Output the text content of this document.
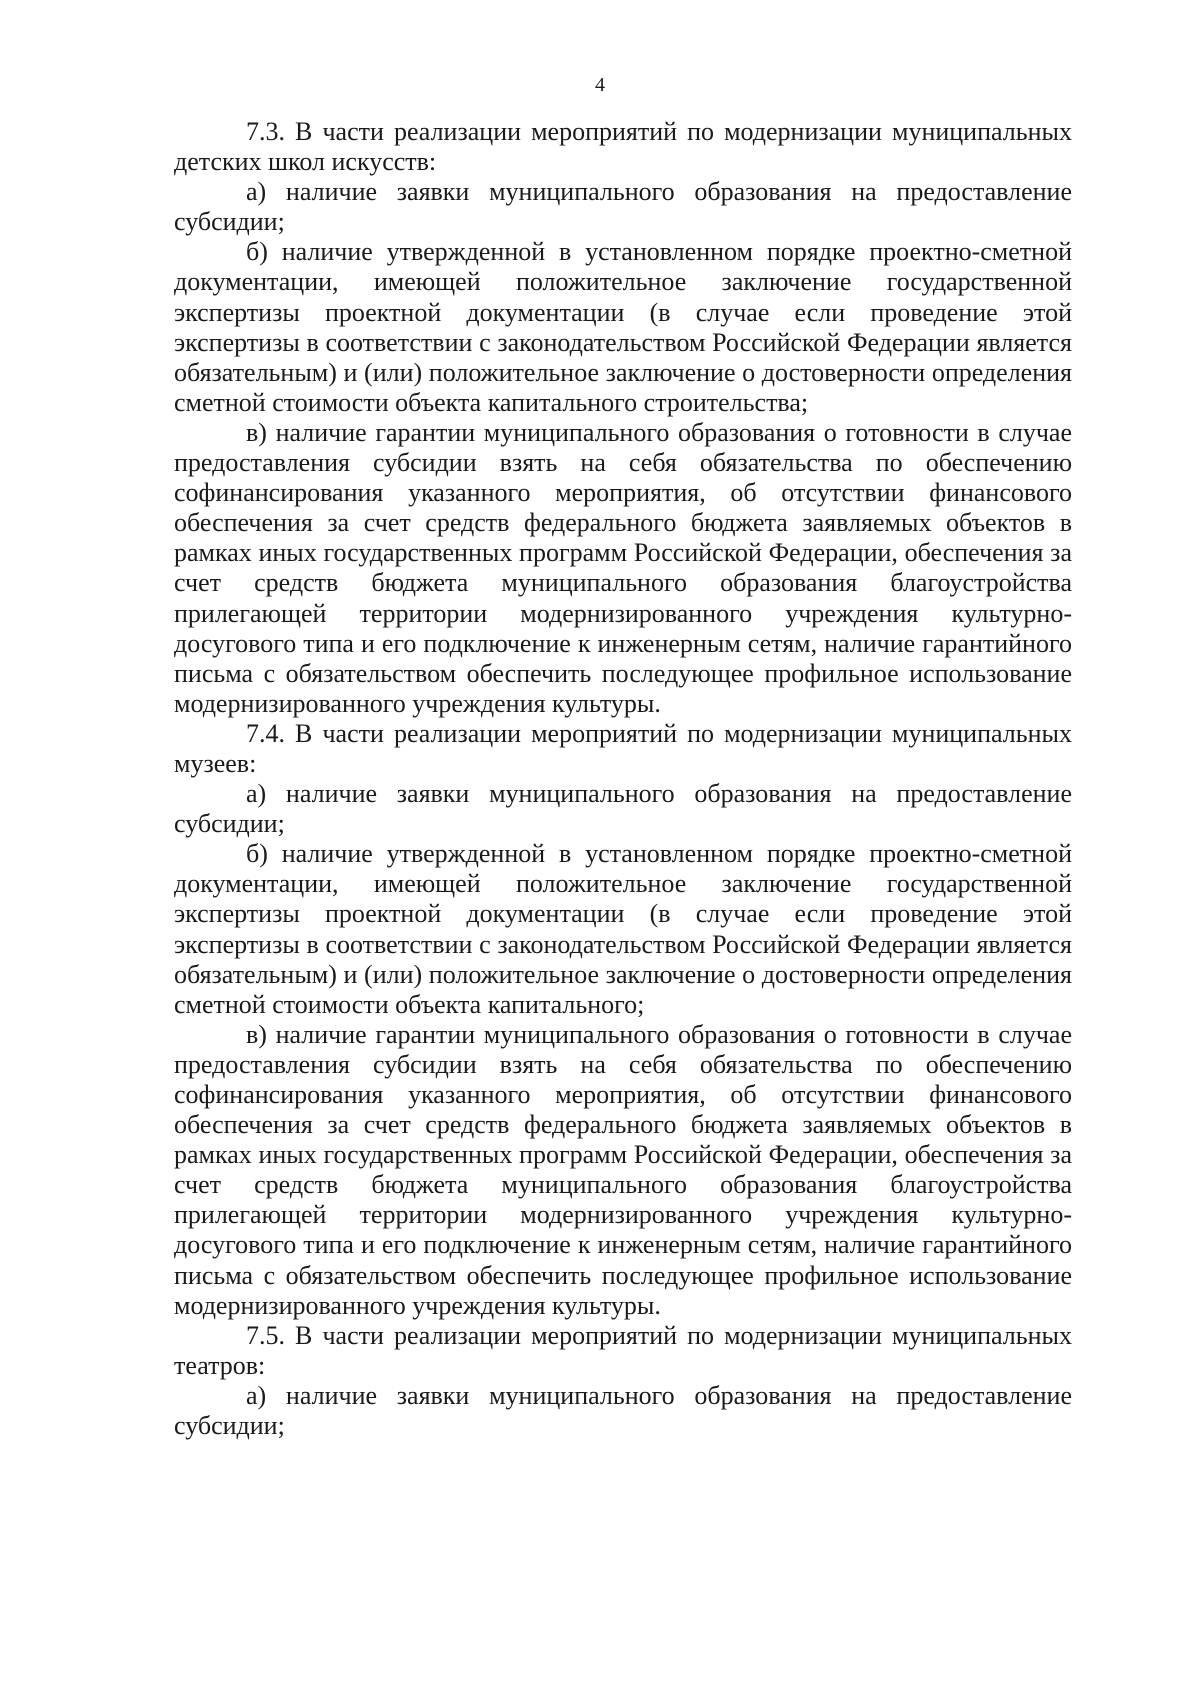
4

7.3. В части реализации мероприятий по модернизации муниципальных детских школ искусств:

а) наличие заявки муниципального образования на предоставление субсидии;

б) наличие утвержденной в установленном порядке проектно-сметной документации, имеющей положительное заключение государственной экспертизы проектной документации (в случае если проведение этой экспертизы в соответствии с законодательством Российской Федерации является обязательным) и (или) положительное заключение о достоверности определения сметной стоимости объекта капитального строительства;

в) наличие гарантии муниципального образования о готовности в случае предоставления субсидии взять на себя обязательства по обеспечению софинансирования указанного мероприятия, об отсутствии финансового обеспечения за счет средств федерального бюджета заявляемых объектов в рамках иных государственных программ Российской Федерации, обеспечения за счет средств бюджета муниципального образования благоустройства прилегающей территории модернизированного учреждения культурно-досугового типа и его подключение к инженерным сетям, наличие гарантийного письма с обязательством обеспечить последующее профильное использование модернизированного учреждения культуры.

7.4. В части реализации мероприятий по модернизации муниципальных музеев:

а) наличие заявки муниципального образования на предоставление субсидии;

б) наличие утвержденной в установленном порядке проектно-сметной документации, имеющей положительное заключение государственной экспертизы проектной документации (в случае если проведение этой экспертизы в соответствии с законодательством Российской Федерации является обязательным) и (или) положительное заключение о достоверности определения сметной стоимости объекта капитального;

в) наличие гарантии муниципального образования о готовности в случае предоставления субсидии взять на себя обязательства по обеспечению софинансирования указанного мероприятия, об отсутствии финансового обеспечения за счет средств федерального бюджета заявляемых объектов в рамках иных государственных программ Российской Федерации, обеспечения за счет средств бюджета муниципального образования благоустройства прилегающей территории модернизированного учреждения культурно-досугового типа и его подключение к инженерным сетям, наличие гарантийного письма с обязательством обеспечить последующее профильное использование модернизированного учреждения культуры.

7.5. В части реализации мероприятий по модернизации муниципальных театров:

а) наличие заявки муниципального образования на предоставление субсидии;
